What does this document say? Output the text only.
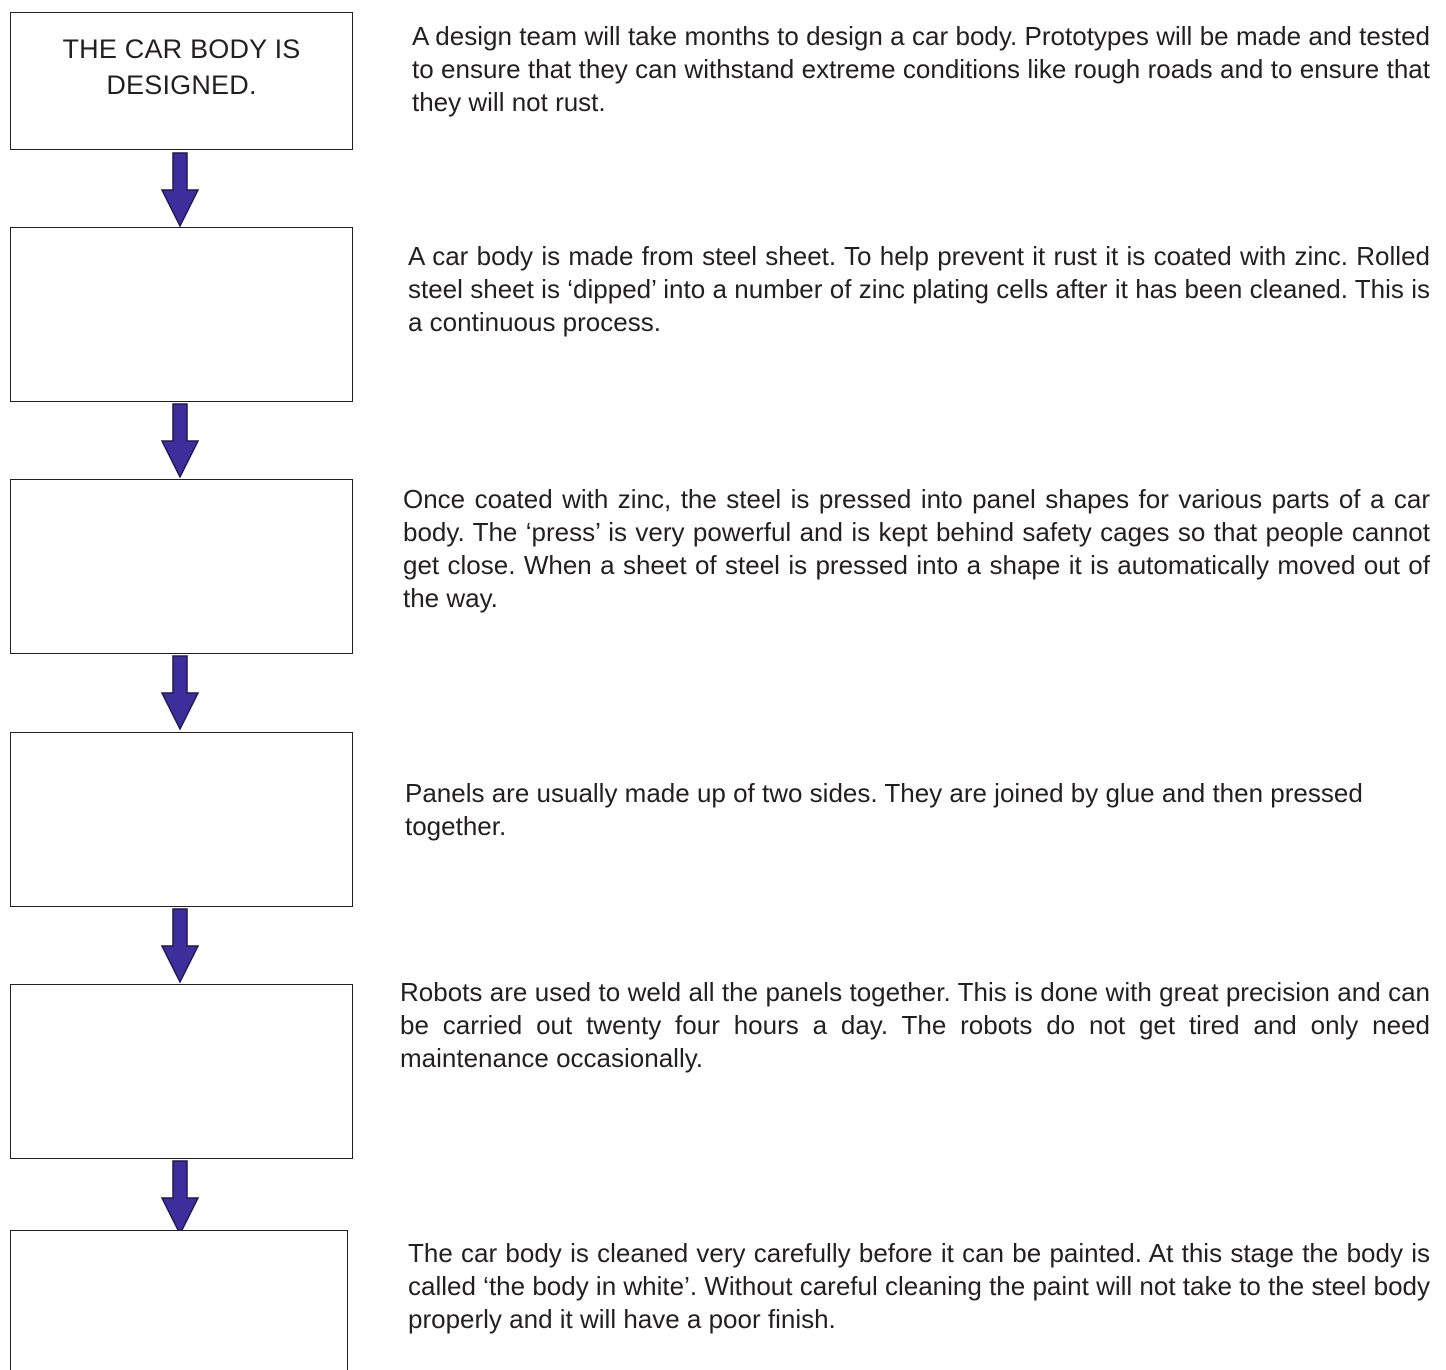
THE CAR BODY IS DESIGNED.

A design team will take months to design a car body. Prototypes will be made and tested to ensure that they can withstand extreme conditions like rough roads and to ensure that they will not rust.

A car body is made from steel sheet. To help prevent it rust it is coated with zinc. Rolled steel sheet is ‘dipped’ into a number of zinc plating cells after it has been cleaned. This is a continuous process.

Once coated with zinc, the steel is pressed into panel shapes for various parts of a car body. The ‘press’ is very powerful and is kept behind safety cages so that people cannot get close. When a sheet of steel is pressed into a shape it is automatically moved out of the way.

Panels are usually made up of two sides. They are joined by glue and then pressed together.

Robots are used to weld all the panels together. This is done with great precision and can be carried out twenty four hours a day. The robots do not get tired and only need maintenance occasionally.

The car body is cleaned very carefully before it can be painted. At this stage the body is called ‘the body in white’. Without careful cleaning the paint will not take to the steel body properly and it will have a poor finish.
